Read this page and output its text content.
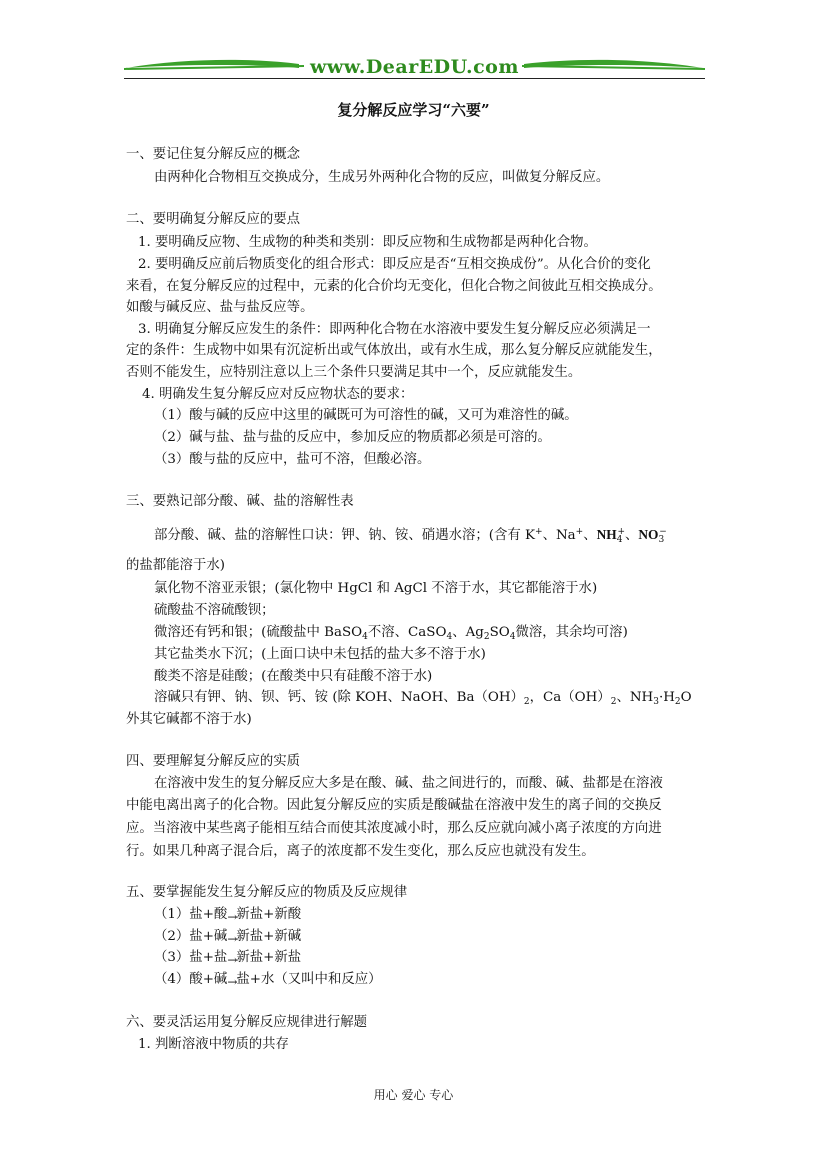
www.DearEDU.com
复分解反应学习“六要”
一、要记住复分解反应的概念
由两种化合物相互交换成分，生成另外两种化合物的反应，叫做复分解反应。
二、要明确复分解反应的要点
1. 要明确反应物、生成物的种类和类别：即反应物和生成物都是两种化合物。
2. 要明确反应前后物质变化的组合形式：即反应是否“互相交换成份”。从化合价的变化
来看，在复分解反应的过程中，元素的化合价均无变化，但化合物之间彼此互相交换成分。
如酸与碱反应、盐与盐反应等。
3. 明确复分解反应发生的条件：即两种化合物在水溶液中要发生复分解反应必须满足一
定的条件：生成物中如果有沉淀析出或气体放出，或有水生成，那么复分解反应就能发生，
否则不能发生，应特别注意以上三个条件只要满足其中一个，反应就能发生。
4. 明确发生复分解反应对反应物状态的要求：
（1）酸与碱的反应中这里的碱既可为可溶性的碱，又可为难溶性的碱。
（2）碱与盐、盐与盐的反应中，参加反应的物质都必须是可溶的。
（3）酸与盐的反应中，盐可不溶，但酸必溶。
三、要熟记部分酸、碱、盐的溶解性表
部分酸、碱、盐的溶解性口诀：钾、钠、铵、硝遇水溶；(含有 K+、Na+、$NH_4^+$、$NO_3^-$
的盐都能溶于水)
氯化物不溶亚汞银；(氯化物中 HgCl 和 AgCl 不溶于水，其它都能溶于水)
硫酸盐不溶硫酸钡；
微溶还有钙和银；(硫酸盐中 BaSO$_4$不溶、CaSO$_4$、$Ag_2SO_4$微溶，其余均可溶)
其它盐类水下沉；(上面口诀中未包括的盐大多不溶于水)
酸类不溶是硅酸；(在酸类中只有硅酸不溶于水)
溶碱只有钾、钠、钡、钙、铵 (除 KOH、NaOH、$Ba(OH)_2$，$Ca(OH)_2$、$NH_3\cdot H_2O$
外其它碱都不溶于水)
四、要理解复分解反应的实质
在溶液中发生的复分解反应大多是在酸、碱、盐之间进行的，而酸、碱、盐都是在溶液
中能电离出离子的化合物。因此复分解反应的实质是酸碱盐在溶液中发生的离子间的交换反
应。当溶液中某些离子能相互结合而使其浓度减小时，那么反应就向减小离子浓度的方向进
行。如果几种离子混合后，离子的浓度都不发生变化，那么反应也就没有发生。
五、要掌握能发生复分解反应的物质及反应规律
（1）盐+酸→新盐+新酸
（2）盐+碱→新盐+新碱
（3）盐+盐→新盐+新盐
（4）酸+碱→盐+水（又叫中和反应）
六、要灵活运用复分解反应规律进行解题
1. 判断溶液中物质的共存
用心 爱心 专心
